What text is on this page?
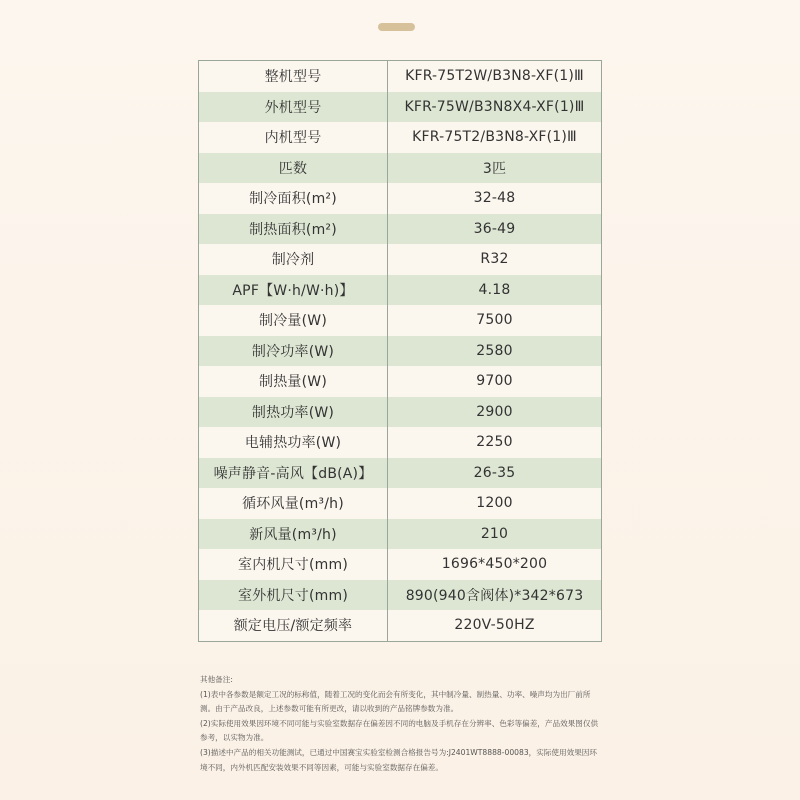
整机型号	KFR-75T2W/B3N8-XF(1)Ⅲ
外机型号	KFR-75W/B3N8X4-XF(1)Ⅲ
内机型号	KFR-75T2/B3N8-XF(1)Ⅲ
匹数	3匹
制冷面积(m²)	32-48
制热面积(m²)	36-49
制冷剂	R32
APF【W·h/W·h)】	4.18
制冷量(W)	7500
制冷功率(W)	2580
制热量(W)	9700
制热功率(W)	2900
电辅热功率(W)	2250
噪声静音-高风【dB(A)】	26-35
循环风量(m³/h)	1200
新风量(m³/h)	210
室内机尺寸(mm)	1696*450*200
室外机尺寸(mm)	890(940含阀体)*342*673
额定电压/额定频率	220V-50HZ
其他备注:
(1)表中各参数是额定工况的标称值，随着工况的变化而会有所变化，其中制冷量、制热量、功率、噪声均为出厂前所测。由于产品改良，上述参数可能有所更改，请以收到的产品铭牌参数为准。
(2)实际使用效果因环境不同可能与实验室数据存在偏差因不同的电脑及手机存在分辨率、色彩等偏差，产品效果图仅供参考，以实物为准。
(3)描述中产品的相关功能测试，已通过中国赛宝实验室检测合格报告号为:J2401WT8888-00083，实际使用效果因环境不同，内外机匹配安装效果不同等因素，可能与实验室数据存在偏差。
